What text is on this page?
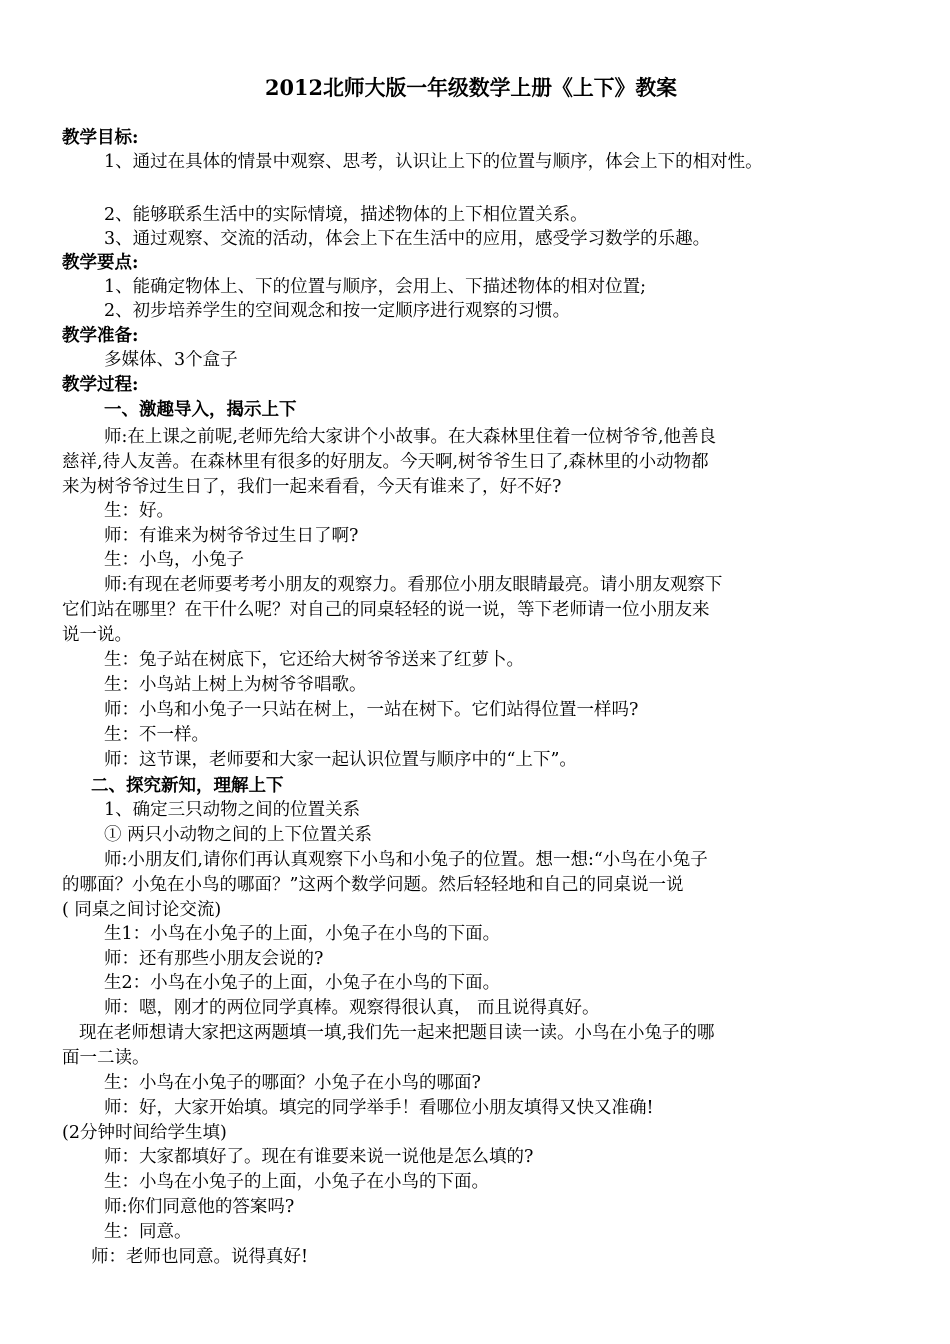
2012北师大版一年级数学上册《上下》教案
教学目标:
1、通过在具体的情景中观察、思考，认识让上下的位置与顺序，体会上下的相对性。
2、能够联系生活中的实际情境，描述物体的上下相位置关系。
3、通过观察、交流的活动，体会上下在生活中的应用，感受学习数学的乐趣。
教学要点:
1、能确定物体上、下的位置与顺序，会用上、下描述物体的相对位置;
2、初步培养学生的空间观念和按一定顺序进行观察的习惯。
教学准备:
多媒体、3个盒子
教学过程:
一、激趣导入，揭示上下
师:在上课之前呢,老师先给大家讲个小故事。在大森林里住着一位树爷爷,他善良
慈祥,待人友善。在森林里有很多的好朋友。今天啊,树爷爷生日了,森林里的小动物都
来为树爷爷过生日了，我们一起来看看，今天有谁来了，好不好?
生：好。
师：有谁来为树爷爷过生日了啊?
生：小鸟，小兔子
师:有现在老师要考考小朋友的观察力。看那位小朋友眼睛最亮。请小朋友观察下
它们站在哪里？在干什么呢？对自己的同桌轻轻的说一说，等下老师请一位小朋友来
说一说。
生：兔子站在树底下，它还给大树爷爷送来了红萝卜。
生：小鸟站上树上为树爷爷唱歌。
师：小鸟和小兔子一只站在树上，一站在树下。它们站得位置一样吗?
生：不一样。
师：这节课，老师要和大家一起认识位置与顺序中的“上下”。
二、探究新知，理解上下
1、确定三只动物之间的位置关系
① 两只小动物之间的上下位置关系
师:小朋友们,请你们再认真观察下小鸟和小兔子的位置。想一想:“小鸟在小兔子
的哪面？小兔在小鸟的哪面？”这两个数学问题。然后轻轻地和自己的同桌说一说
( 同桌之间讨论交流)
生1：小鸟在小兔子的上面，小兔子在小鸟的下面。
师：还有那些小朋友会说的?
生2：小鸟在小兔子的上面，小兔子在小鸟的下面。
师：嗯，刚才的两位同学真棒。观察得很认真， 而且说得真好。
现在老师想请大家把这两题填一填,我们先一起来把题目读一读。小鸟在小兔子的哪
面一二读。
生：小鸟在小兔子的哪面？小兔子在小鸟的哪面?
师：好，大家开始填。填完的同学举手！看哪位小朋友填得又快又准确!
(2分钟时间给学生填)
师：大家都填好了。现在有谁要来说一说他是怎么填的?
生：小鸟在小兔子的上面，小兔子在小鸟的下面。
师:你们同意他的答案吗?
生：同意。
师：老师也同意。说得真好!
